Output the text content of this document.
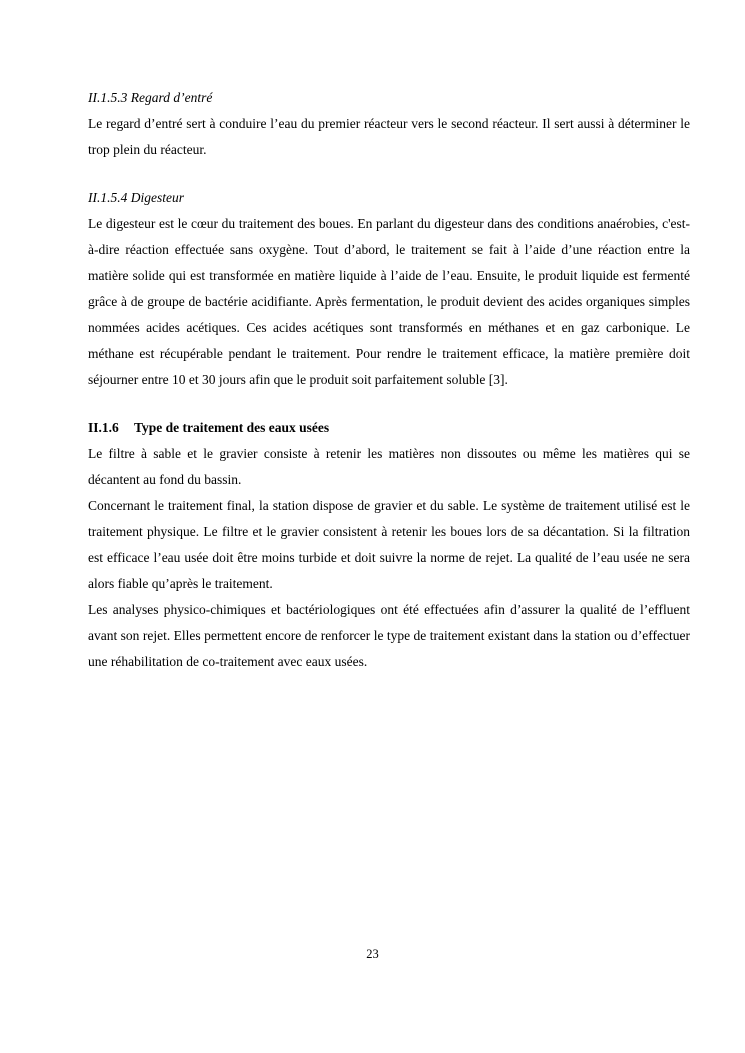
II.1.5.3 Regard d’entré

Le regard d’entré sert à conduire l’eau du premier réacteur vers le second réacteur. Il sert aussi à déterminer le trop plein du réacteur.

II.1.5.4 Digesteur

Le digesteur est le cœur du traitement des boues. En parlant du digesteur dans des conditions anaérobies, c'est-à-dire réaction effectuée sans oxygène. Tout d’abord, le traitement se fait à l’aide d’une réaction entre la matière solide qui est transformée en matière liquide à l’aide de l’eau. Ensuite, le produit liquide est fermenté grâce à de groupe de bactérie acidifiante. Après fermentation, le produit devient des acides organiques simples nommées acides acétiques. Ces acides acétiques sont transformés en méthanes et en gaz carbonique. Le méthane est récupérable pendant le traitement. Pour rendre le traitement efficace, la matière première doit séjourner entre 10 et 30 jours afin que le produit soit parfaitement soluble [3].

II.1.6 Type de traitement des eaux usées

Le filtre à sable et le gravier consiste à retenir les matières non dissoutes ou même les matières qui se décantent au fond du bassin.

Concernant le traitement final, la station dispose de gravier et du sable. Le système de traitement utilisé est le traitement physique. Le filtre et le gravier consistent à retenir les boues lors de sa décantation. Si la filtration est efficace l’eau usée doit être moins turbide et doit suivre la norme de rejet. La qualité de l’eau usée ne sera alors fiable qu’après le traitement.

Les analyses physico-chimiques et bactériologiques ont été effectuées afin d’assurer la qualité de l’effluent avant son rejet. Elles permettent encore de renforcer le type de traitement existant dans la station ou d’effectuer une réhabilitation de co-traitement avec eaux usées.

23
